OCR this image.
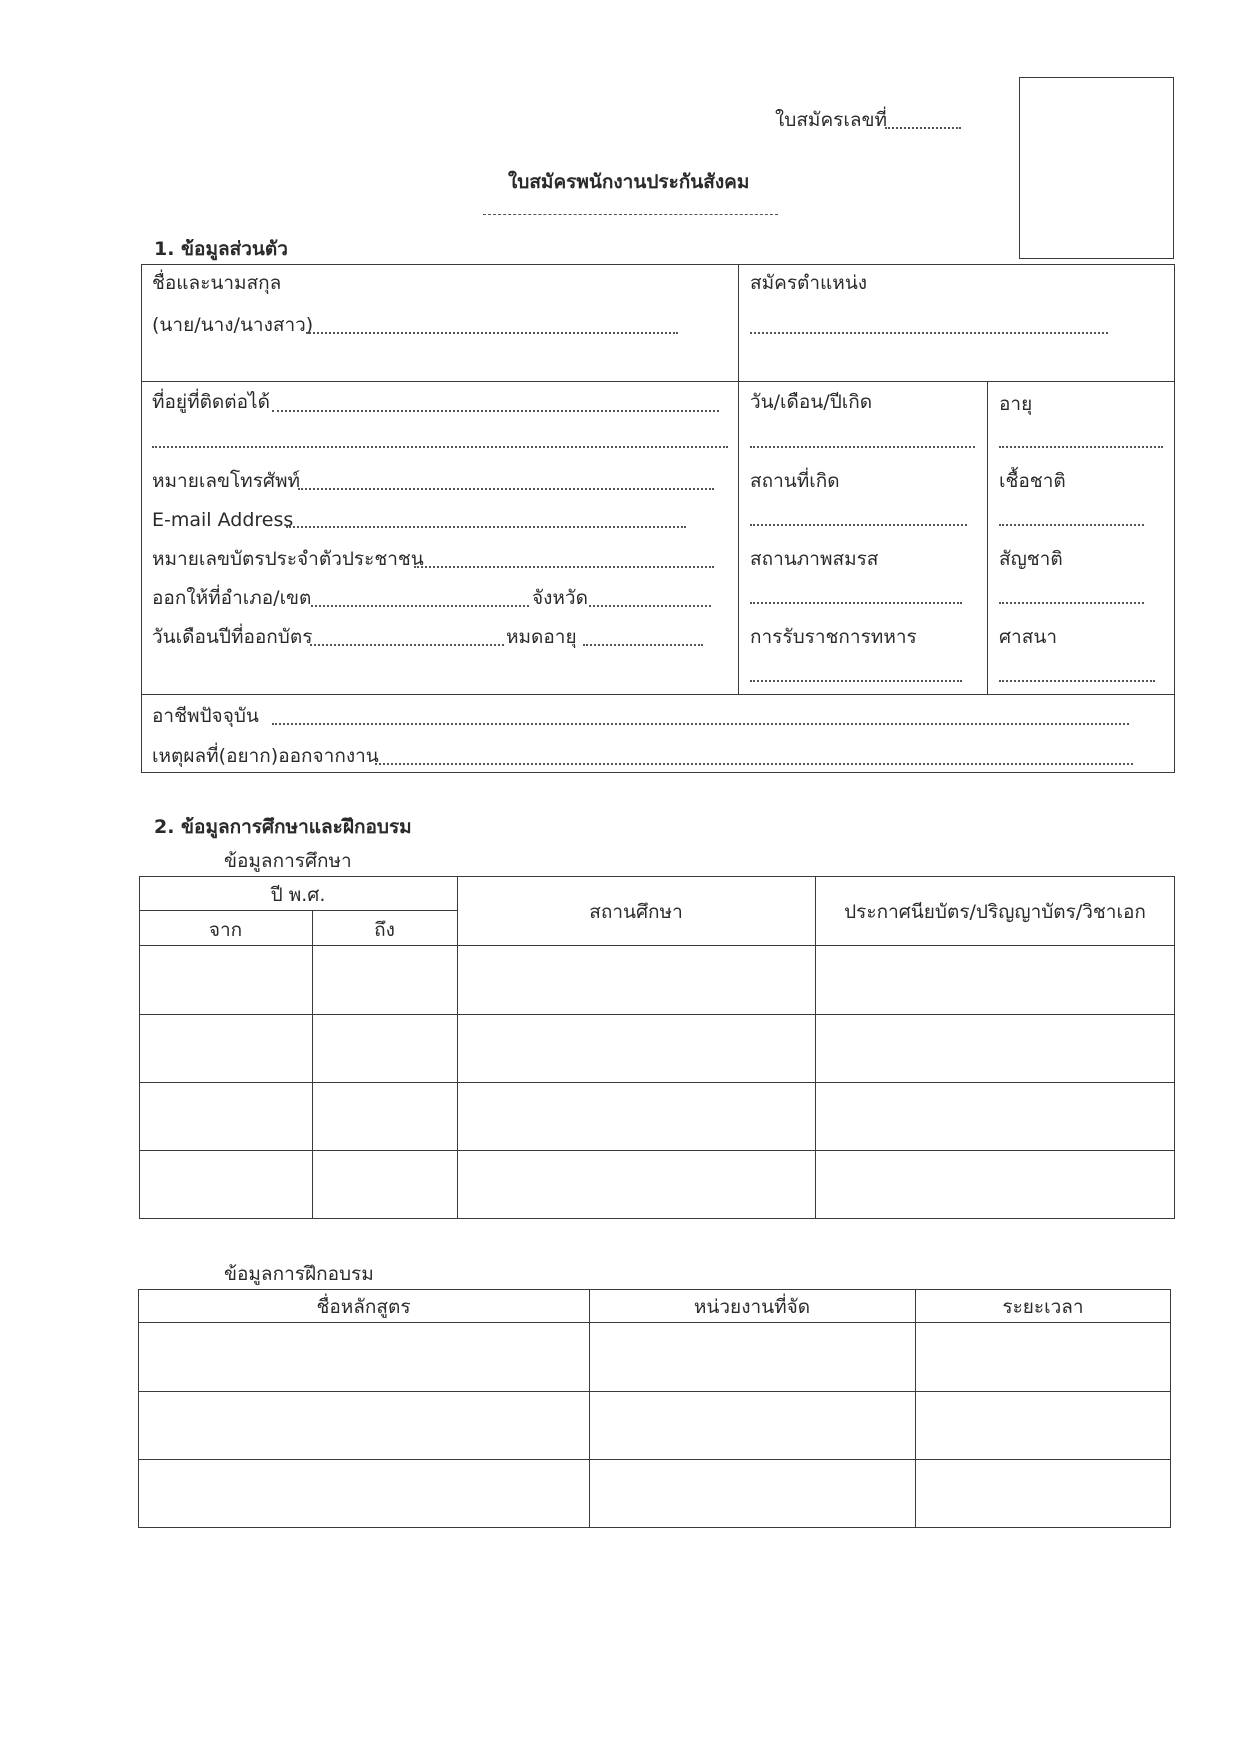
ใบสมัครเลขที่
ใบสมัครพนักงานประกันสังคม
1. ข้อมูลส่วนตัว
ชื่อและนามสกุล
(นาย/นาง/นางสาว)
สมัครตำแหน่ง
ที่อยู่ที่ติดต่อได้
หมายเลขโทรศัพท์
E-mail Address
หมายเลขบัตรประจำตัวประชาชน
ออกให้ที่อำเภอ/เขต	จังหวัด
วันเดือนปีที่ออกบัตร	หมดอายุ
วัน/เดือน/ปีเกิด
สถานที่เกิด
สถานภาพสมรส
การรับราชการทหาร
อายุ
เชื้อชาติ
สัญชาติ
ศาสนา
อาชีพปัจจุบัน
เหตุผลที่(อยาก)ออกจากงาน
2. ข้อมูลการศึกษาและฝึกอบรม
ข้อมูลการศึกษา
ปี พ.ศ.
จาก	ถึง
สถานศึกษา	ประกาศนียบัตร/ปริญญาบัตร/วิชาเอก
ข้อมูลการฝึกอบรม
ชื่อหลักสูตร	หน่วยงานที่จัด	ระยะเวลา
